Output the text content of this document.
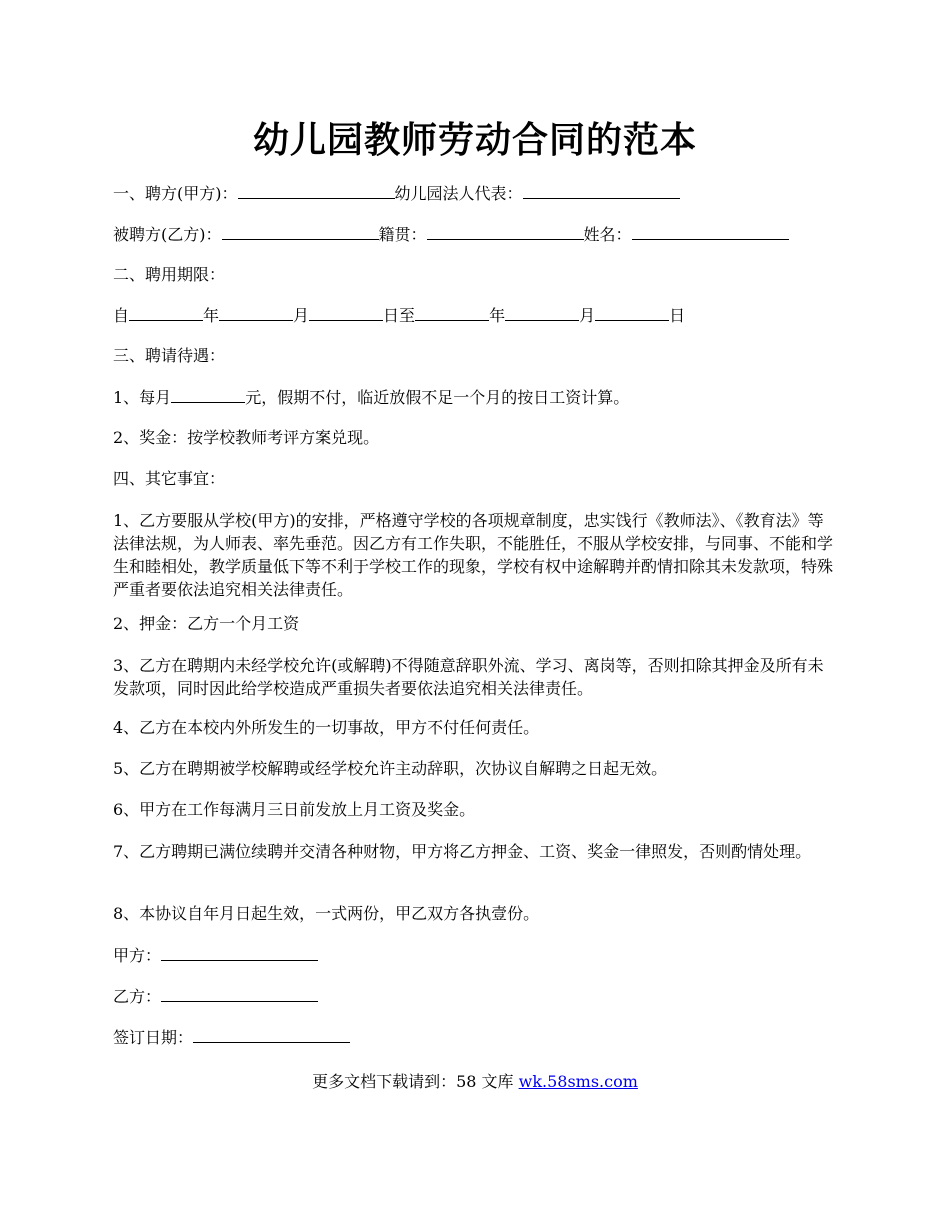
幼儿园教师劳动合同的范本
一、聘方(甲方)：	幼儿园法人代表：
被聘方(乙方)：	籍贯：	姓名：
二、聘用期限：
自	年	月	日至	年	月	日
三、聘请待遇：
1、每月	元，假期不付，临近放假不足一个月的按日工资计算。
2、奖金：按学校教师考评方案兑现。
四、其它事宜：
1、乙方要服从学校(甲方)的安排，严格遵守学校的各项规章制度，忠实饯行《教师法》、《教育法》等法律法规，为人师表、率先垂范。因乙方有工作失职，不能胜任，不服从学校安排，与同事、不能和学生和睦相处，教学质量低下等不利于学校工作的现象，学校有权中途解聘并酌情扣除其未发款项，特殊严重者要依法追究相关法律责任。
2、押金：乙方一个月工资
3、乙方在聘期内未经学校允许(或解聘)不得随意辞职外流、学习、离岗等，否则扣除其押金及所有未发款项，同时因此给学校造成严重损失者要依法追究相关法律责任。
4、乙方在本校内外所发生的一切事故，甲方不付任何责任。
5、乙方在聘期被学校解聘或经学校允许主动辞职，次协议自解聘之日起无效。
6、甲方在工作每满月三日前发放上月工资及奖金。
7、乙方聘期已满位续聘并交清各种财物，甲方将乙方押金、工资、奖金一律照发，否则酌情处理。
8、本协议自年月日起生效，一式两份，甲乙双方各执壹份。
甲方：
乙方：
签订日期：
更多文档下载请到：58 文库 wk.58sms.com
